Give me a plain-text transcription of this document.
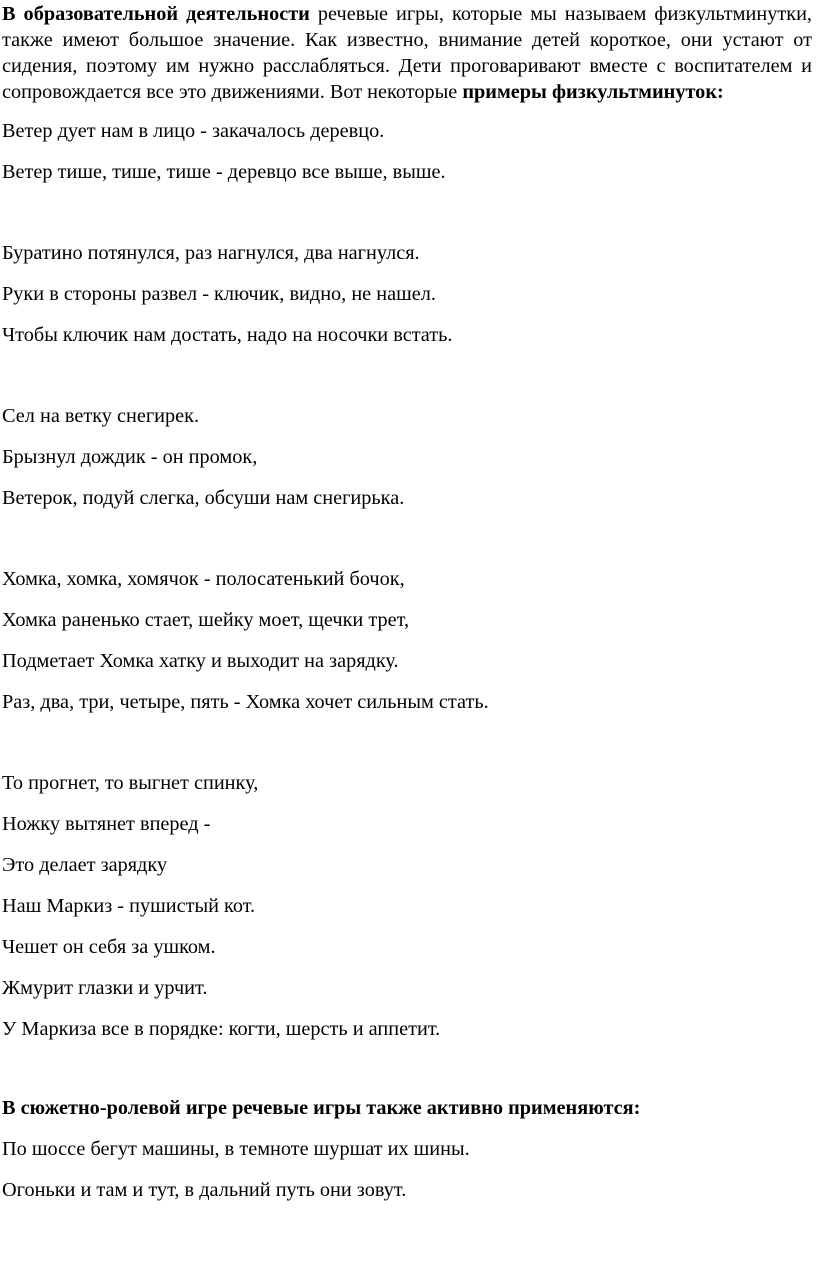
В образовательной деятельности речевые игры, которые мы называем физкультминутки, также имеют большое значение. Как известно, внимание детей короткое, они устают от сидения, поэтому им нужно расслабляться. Дети проговаривают вместе с воспитателем и сопровождается все это движениями. Вот некоторые примеры физкультминуток:

Ветер дует нам в лицо - закачалось деревцо.

Ветер тише, тише, тише - деревцо все выше, выше.

Буратино потянулся, раз нагнулся, два нагнулся.

Руки в стороны развел - ключик, видно, не нашел.

Чтобы ключик нам достать, надо на носочки встать.

Сел на ветку снегирек.

Брызнул дождик - он промок,

Ветерок, подуй слегка, обсуши нам снегирька.

Хомка, хомка, хомячок - полосатенький бочок,

Хомка раненько стает, шейку моет, щечки трет,

Подметает Хомка хатку и выходит на зарядку.

Раз, два, три, четыре, пять - Хомка хочет сильным стать.

То прогнет, то выгнет спинку,

Ножку вытянет вперед -

Это делает зарядку

Наш Маркиз - пушистый кот.

Чешет он себя за ушком.

Жмурит глазки и урчит.

У Маркиза все в порядке: когти, шерсть и аппетит.

В сюжетно-ролевой игре речевые игры также активно применяются:

По шоссе бегут машины, в темноте шуршат их шины.

Огоньки и там и тут, в дальний путь они зовут.
